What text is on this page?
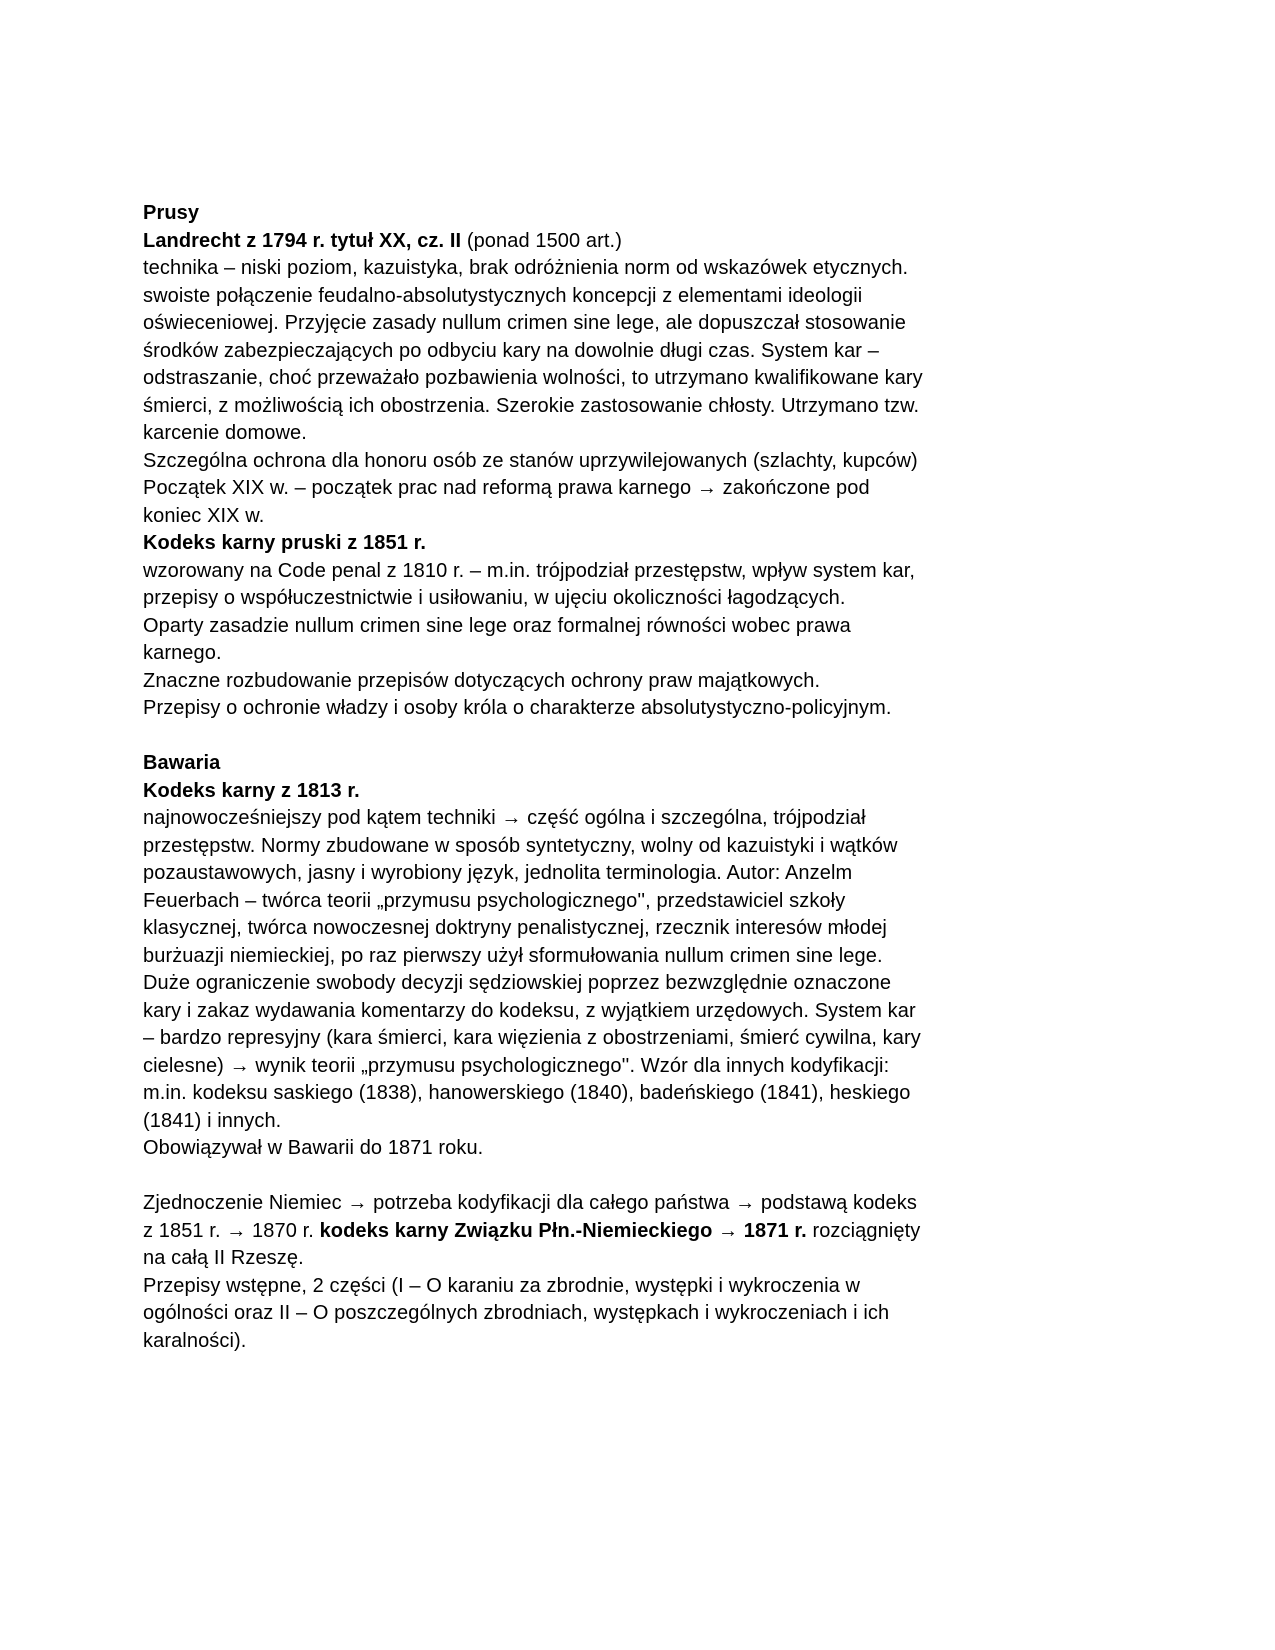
Prusy
Landrecht z 1794 r. tytuł XX, cz. II (ponad 1500 art.)
technika – niski poziom, kazuistyka, brak odróżnienia norm od wskazówek etycznych.
swoiste połączenie feudalno-absolutystycznych koncepcji z elementami ideologii
oświeceniowej. Przyjęcie zasady nullum crimen sine lege, ale dopuszczał stosowanie
środków zabezpieczających po odbyciu kary na dowolnie długi czas. System kar –
odstraszanie, choć przeważało pozbawienia wolności, to utrzymano kwalifikowane kary
śmierci, z możliwością ich obostrzenia. Szerokie zastosowanie chłosty. Utrzymano tzw.
karcenie domowe.
Szczególna ochrona dla honoru osób ze stanów uprzywilejowanych (szlachty, kupców)
Początek XIX w. – początek prac nad reformą prawa karnego → zakończone pod
koniec XIX w.
Kodeks karny pruski z 1851 r.
wzorowany na Code penal z 1810 r. – m.in. trójpodział przestępstw, wpływ system kar,
przepisy o współuczestnictwie i usiłowaniu, w ujęciu okoliczności łagodzących.
Oparty zasadzie nullum crimen sine lege oraz formalnej równości wobec prawa
karnego.
Znaczne rozbudowanie przepisów dotyczących ochrony praw majątkowych.
Przepisy o ochronie władzy i osoby króla o charakterze absolutystyczno-policyjnym.

Bawaria
Kodeks karny z 1813 r.
najnowocześniejszy pod kątem techniki → część ogólna i szczególna, trójpodział
przestępstw. Normy zbudowane w sposób syntetyczny, wolny od kazuistyki i wątków
pozaustawowych, jasny i wyrobiony język, jednolita terminologia. Autor: Anzelm
Feuerbach – twórca teorii „przymusu psychologicznego'', przedstawiciel szkoły
klasycznej, twórca nowoczesnej doktryny penalistycznej, rzecznik interesów młodej
burżuazji niemieckiej, po raz pierwszy użył sformułowania nullum crimen sine lege.
Duże ograniczenie swobody decyzji sędziowskiej poprzez bezwzględnie oznaczone
kary i zakaz wydawania komentarzy do kodeksu, z wyjątkiem urzędowych. System kar
– bardzo represyjny (kara śmierci, kara więzienia z obostrzeniami, śmierć cywilna, kary
cielesne) → wynik teorii „przymusu psychologicznego''. Wzór dla innych kodyfikacji:
m.in. kodeksu saskiego (1838), hanowerskiego (1840), badeńskiego (1841), heskiego
(1841) i innych.
Obowiązywał w Bawarii do 1871 roku.

Zjednoczenie Niemiec → potrzeba kodyfikacji dla całego państwa → podstawą kodeks
z 1851 r. → 1870 r. kodeks karny Związku Płn.-Niemieckiego → 1871 r. rozciągnięty
na całą II Rzeszę.
Przepisy wstępne, 2 części (I – O karaniu za zbrodnie, występki i wykroczenia w
ogólności oraz II – O poszczególnych zbrodniach, występkach i wykroczeniach i ich
karalności).
